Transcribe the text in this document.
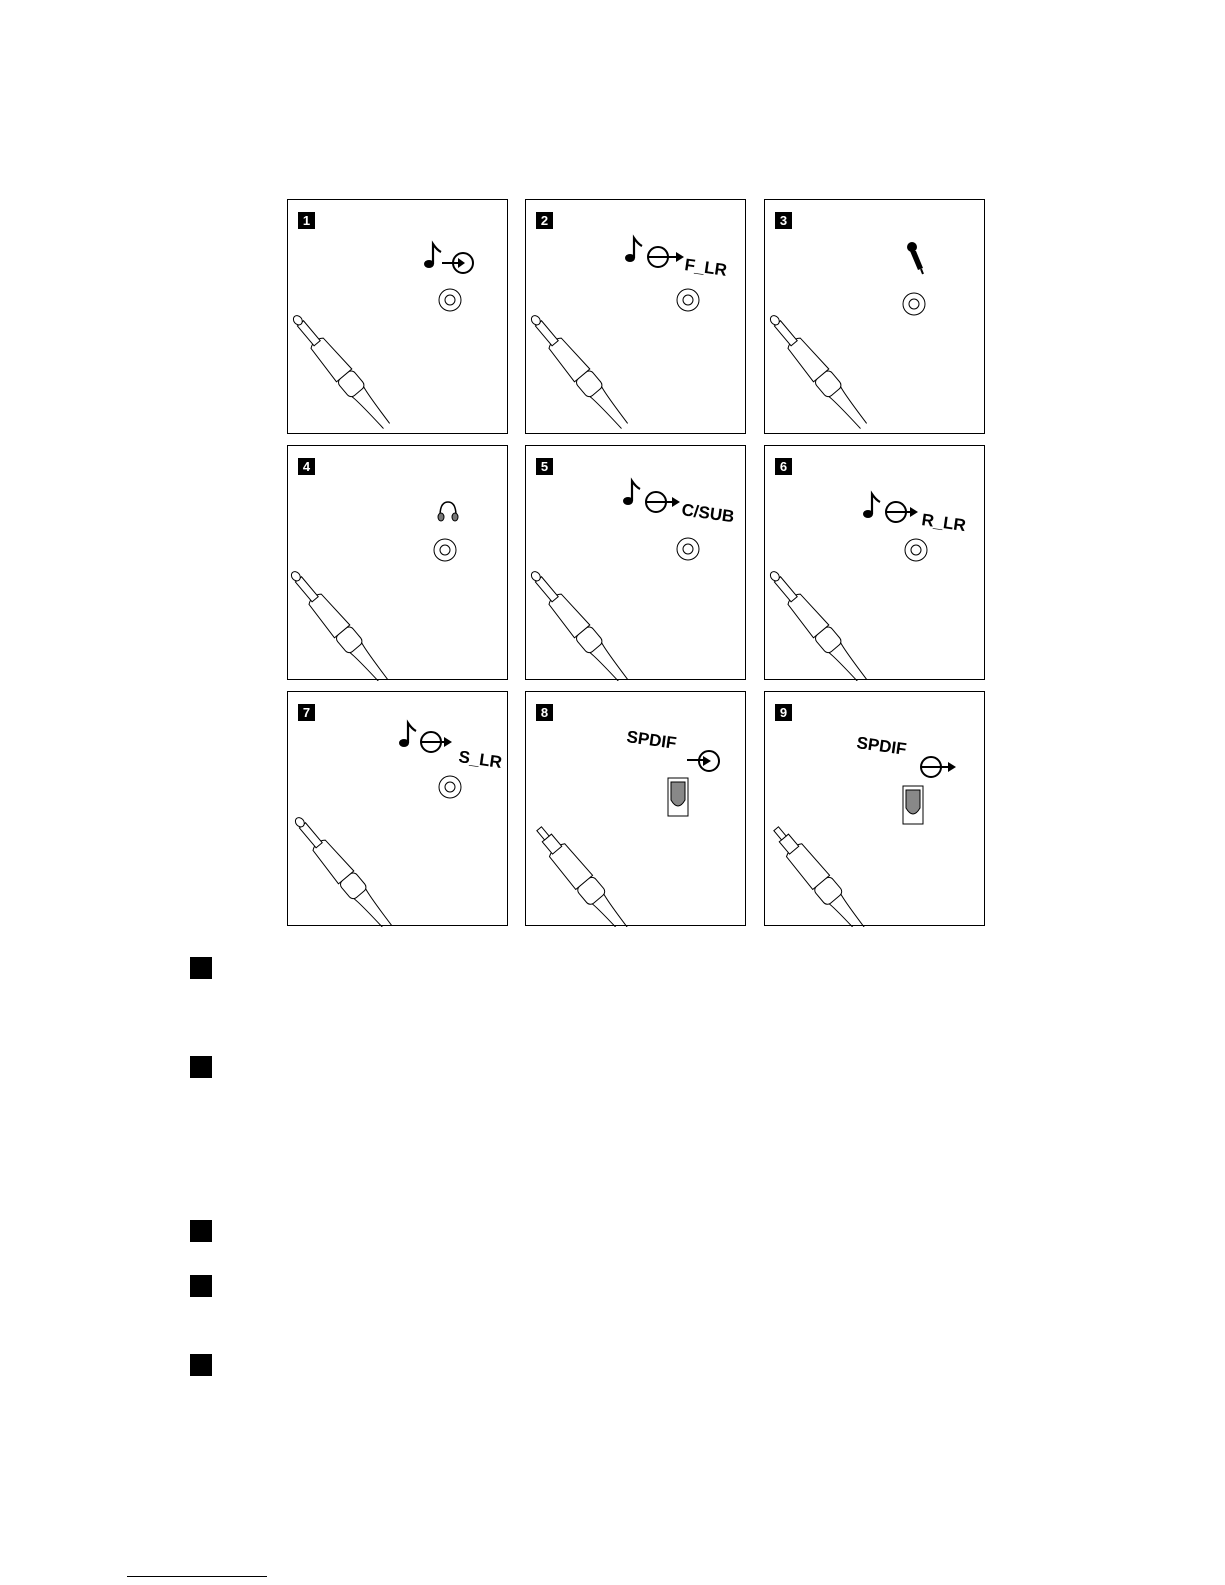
1	2
F_LR
3
4	5
C/SUB
6
R_LR
7
S_LR
8
SPDIF
9
SPDIF
